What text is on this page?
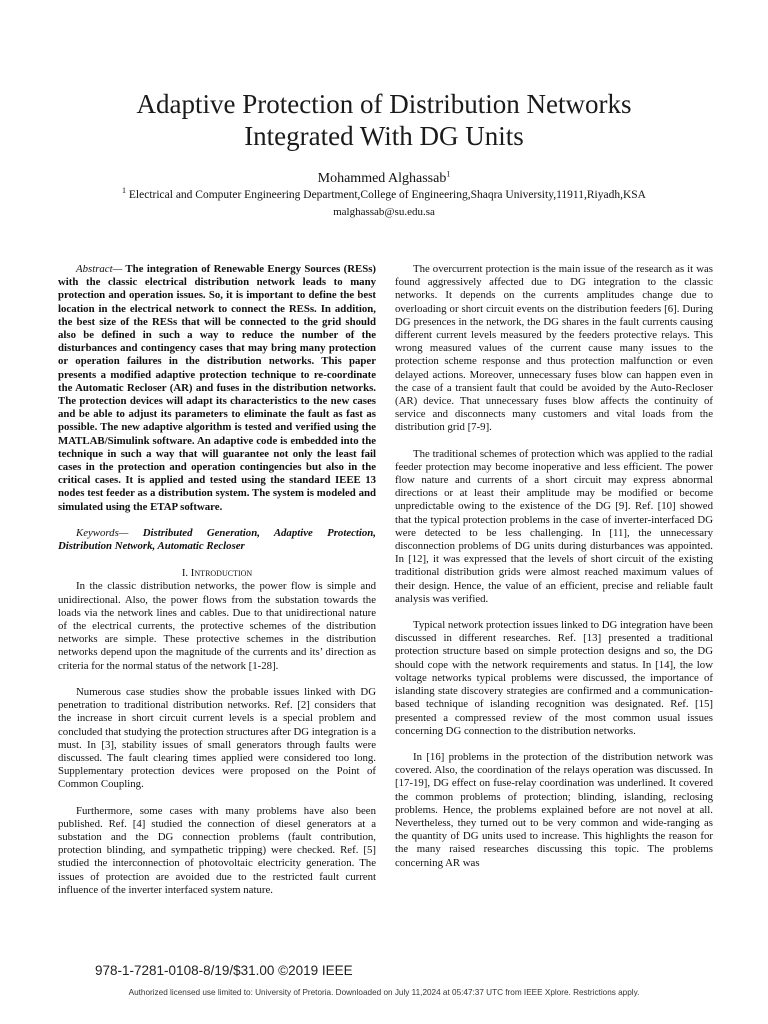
Adaptive Protection of Distribution Networks
Integrated With DG Units
Mohammed Alghassab$^1$
$^1$ Electrical and Computer Engineering Department,College of Engineering,Shaqra University,11911,Riyadh,KSA
malghassab@su.edu.sa

Abstract— The integration of Renewable Energy Sources (RESs) with the classic electrical distribution network leads to many protection and operation issues. So, it is important to define the best location in the electrical network to connect the RESs. In addition, the best size of the RESs that will be connected to the grid should also be defined in such a way to reduce the number of the disturbances and contingency cases that may bring many protection or operation failures in the distribution networks. This paper presents a modified adaptive protection technique to re-coordinate the Automatic Recloser (AR) and fuses in the distribution networks. The protection devices will adapt its characteristics to the new cases and be able to adjust its parameters to eliminate the fault as fast as possible. The new adaptive algorithm is tested and verified using the MATLAB/Simulink software. An adaptive code is embedded into the technique in such a way that will guarantee not only the least fail cases in the protection and operation contingencies but also in the critical cases. It is applied and tested using the standard IEEE 13 nodes test feeder as a distribution system. The system is modeled and simulated using the ETAP software.

Keywords— Distributed Generation, Adaptive Protection, Distribution Network, Automatic Recloser

I. Introduction

In the classic distribution networks, the power flow is simple and unidirectional. Also, the power flows from the substation towards the loads via the network lines and cables. Due to that unidirectional nature of the electrical currents, the protective schemes of the distribution networks are simple. These protective schemes in the distribution networks depend upon the magnitude of the currents and its’ direction as criteria for the normal status of the network [1-28].

Numerous case studies show the probable issues linked with DG penetration to traditional distribution networks. Ref. [2] considers that the increase in short circuit current levels is a special problem and concluded that studying the protection structures after DG integration is a must. In [3], stability issues of small generators through faults were discussed. The fault clearing times applied were considered too long. Supplementary protection devices were proposed on the Point of Common Coupling.

Furthermore, some cases with many problems have also been published. Ref. [4] studied the connection of diesel generators at a substation and the DG connection problems (fault contribution, protection blinding, and sympathetic tripping) were checked. Ref. [5] studied the interconnection of photovoltaic electricity generation. The issues of protection are avoided due to the restricted fault current influence of the inverter interfaced system nature.

The overcurrent protection is the main issue of the research as it was found aggressively affected due to DG integration to the classic networks. It depends on the currents amplitudes change due to overloading or short circuit events on the distribution feeders [6]. During DG presences in the network, the DG shares in the fault currents causing different current levels measured by the feeders protective relays. This wrong measured values of the current cause many issues to the protection scheme response and thus protection malfunction or even delayed actions. Moreover, unnecessary fuses blow can happen even in the case of a transient fault that could be avoided by the Auto-Recloser (AR) device. That unnecessary fuses blow affects the continuity of service and disconnects many customers and vital loads from the distribution grid [7-9].

The traditional schemes of protection which was applied to the radial feeder protection may become inoperative and less efficient. The power flow nature and currents of a short circuit may express abnormal directions or at least their amplitude may be modified or become unpredictable owing to the existence of the DG [9]. Ref. [10] showed that the typical protection problems in the case of inverter-interfaced DG were detected to be less challenging. In [11], the unnecessary disconnection problems of DG units during disturbances was appointed. In [12], it was expressed that the levels of short circuit of the existing traditional distribution grids were almost reached maximum values of their design. Hence, the value of an efficient, precise and reliable fault analysis was verified.

Typical network protection issues linked to DG integration have been discussed in different researches. Ref. [13] presented a traditional protection structure based on simple protection designs and so, the DG should cope with the network requirements and status. In [14], the low voltage networks typical problems were discussed, the importance of islanding state discovery strategies are confirmed and a communication-based technique of islanding recognition was designated. Ref. [15] presented a compressed review of the most common usual issues concerning DG connection to the distribution networks.

In [16] problems in the protection of the distribution network was covered. Also, the coordination of the relays operation was discussed. In [17-19], DG effect on fuse-relay coordination was underlined. It covered the common problems of protection; blinding, islanding, reclosing problems. Hence, the problems explained before are not novel at all. Nevertheless, they turned out to be very common and wide-ranging as the quantity of DG units used to increase. This highlights the reason for the many raised researches discussing this topic. The problems concerning AR was

978-1-7281-0108-8/19/$31.00 ©2019 IEEE
Authorized licensed use limited to: University of Pretoria. Downloaded on July 11,2024 at 05:47:37 UTC from IEEE Xplore. Restrictions apply.
